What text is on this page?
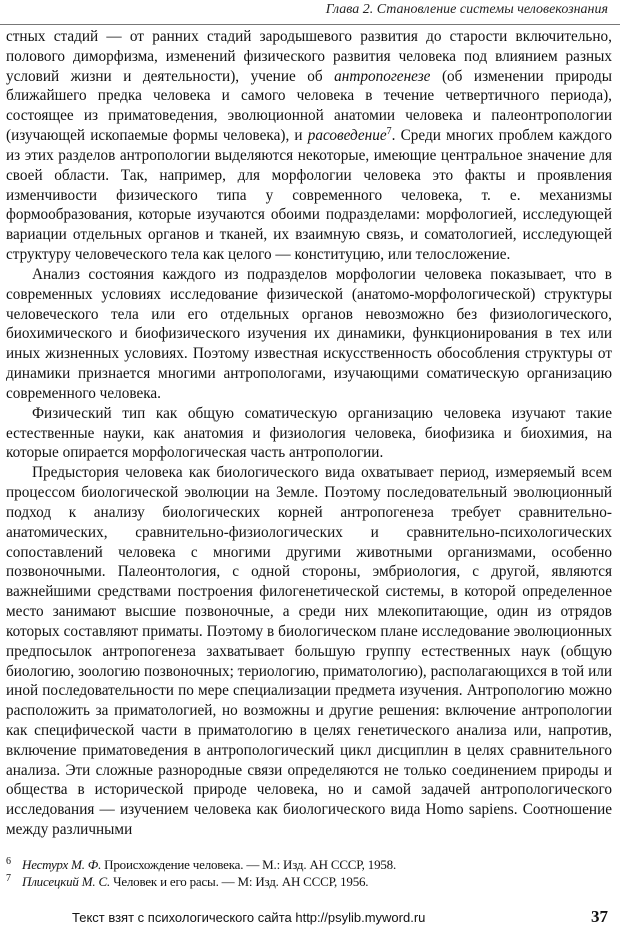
Глава 2. Становление системы человекознания

стных стадий — от ранних стадий зародышевого развития до старости включительно, полового диморфизма, изменений физического развития человека под влиянием разных условий жизни и деятельности), учение об антропогенезе (об изменении природы ближайшего предка человека и самого человека в течение четвертичного периода), состоящее из приматоведения, эволюционной анатомии человека и палеонтропологии (изучающей ископаемые формы человека), и расоведение$^7$. Среди многих проблем каждого из этих разделов антропологии выделяются некоторые, имеющие центральное значение для своей области. Так, например, для морфологии человека это факты и проявления изменчивости физического типа у современного человека, т. е. механизмы формообразования, которые изучаются обоими подразделами: морфологией, исследующей вариации отдельных органов и тканей, их взаимную связь, и соматологией, исследующей структуру человеческого тела как целого — конституцию, или телосложение.

Анализ состояния каждого из подразделов морфологии человека показывает, что в современных условиях исследование физической (анатомо-морфологической) структуры человеческого тела или его отдельных органов невозможно без физиологического, биохимического и биофизического изучения их динамики, функционирования в тех или иных жизненных условиях. Поэтому известная искусственность обособления структуры от динамики признается многими антропологами, изучающими соматическую организацию современного человека.

Физический тип как общую соматическую организацию человека изучают такие естественные науки, как анатомия и физиология человека, биофизика и биохимия, на которые опирается морфологическая часть антропологии.

Предыстория человека как биологического вида охватывает период, измеряемый всем процессом биологической эволюции на Земле. Поэтому последовательный эволюционный подход к анализу биологических корней антропогенеза требует сравнительно-анатомических, сравнительно-физиологических и сравнительно-психологических сопоставлений человека с многими другими животными организмами, особенно позвоночными. Палеонтология, с одной стороны, эмбриология, с другой, являются важнейшими средствами построения филогенетической системы, в которой определенное место занимают высшие позвоночные, а среди них млекопитающие, один из отрядов которых составляют приматы. Поэтому в биологическом плане исследование эволюционных предпосылок антропогенеза захватывает большую группу естественных наук (общую биологию, зоологию позвоночных; териологию, приматологию), располагающихся в той или иной последовательности по мере специализации предмета изучения. Антропологию можно расположить за приматологией, но возможны и другие решения: включение антропологии как специфической части в приматологию в целях генетического анализа или, напротив, включение приматоведения в антропологический цикл дисциплин в целях сравнительного анализа. Эти сложные разнородные связи определяются не только соединением природы и общества в исторической природе человека, но и самой задачей антропологического исследования — изучением человека как биологического вида Homo sapiens. Соотношение между различными

6 Нестурх М. Ф. Происхождение человека. — М.: Изд. АН СССР, 1958.
7 Плисецкий М. С. Человек и его расы. — М: Изд. АН СССР, 1956.
Текст взят с психологического сайта http://psylib.myword.ru	37
